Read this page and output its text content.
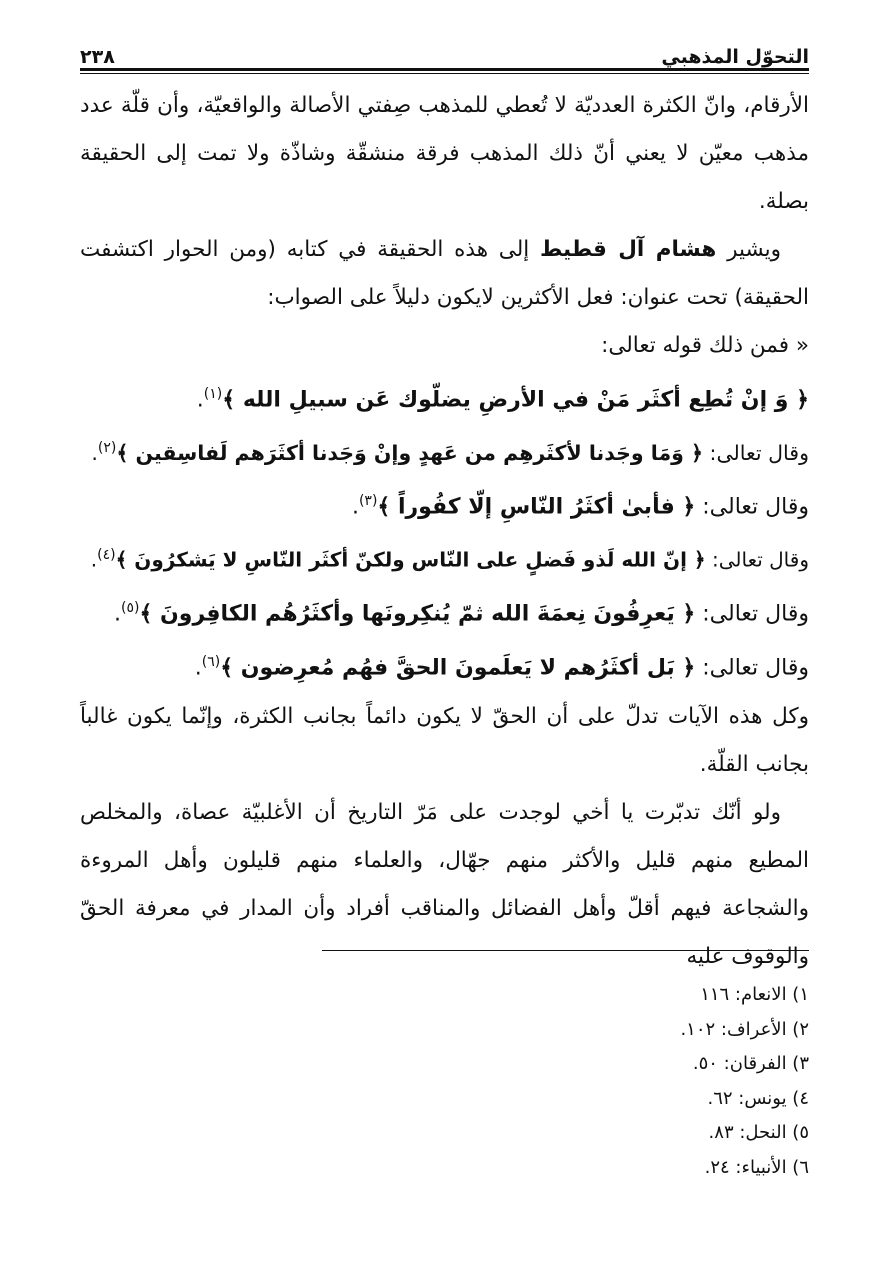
التحوّل المذهبي
٢٣٨

الأرقام، وانّ الكثرة العدديّة لا تُعطي للمذهب صِفتي الأصالة والواقعيّة، وأن قلّة عدد مذهب معيّن لا يعني أنّ ذلك المذهب فرقة منشقّة وشاذّة ولا تمت إلى الحقيقة بصلة.

ويشير هشام آل قطيط إلى هذه الحقيقة في كتابه (ومن الحوار اكتشفت الحقيقة) تحت عنوان: فعل الأكثرين لايكون دليلاً على الصواب:

« فمن ذلك قوله تعالى:

﴿ وَ إنْ تُطِع أكثَر مَنْ في الأرضِ يضلّوك عَن سبيلِ الله ﴾$^{(١)}$.

وقال تعالى: ﴿ وَمَا وجَدنا لأكثَرهِم من عَهدٍ وإنْ وَجَدنا أكثَرَهم لَفاسِقين ﴾$^{(٢)}$.

وقال تعالى: ﴿ فأبىٰ أكثَرُ النّاسِ إلّا كفُوراً ﴾$^{(٣)}$.

وقال تعالى: ﴿ إنّ الله لَذو فَضلٍ على النّاس ولكنّ أكثَر النّاسِ لا يَشكرُونَ ﴾$^{(٤)}$.

وقال تعالى: ﴿ يَعرِفُونَ نِعمَةَ الله ثمّ يُنكِرونَها وأكثَرُهُم الكافِرونَ ﴾$^{(٥)}$.

وقال تعالى: ﴿ بَل أكثَرُهم لا يَعلَمونَ الحقَّ فهُم مُعرِضون ﴾$^{(٦)}$.

وكل هذه الآيات تدلّ على أن الحقّ لا يكون دائماً بجانب الكثرة، وإنّما يكون غالباً بجانب القلّة.

ولو أنّك تدبّرت يا أخي لوجدت على مَرّ التاريخ أن الأغلبيّة عصاة، والمخلص المطيع منهم قليل والأكثر منهم جهّال، والعلماء منهم قليلون وأهل المروءة والشجاعة فيهم أقلّ وأهل الفضائل والمناقب أفراد وأن المدار في معرفة الحقّ والوقوف عليه

١) الانعام: ١١٦
٢) الأعراف: ١٠٢.
٣) الفرقان: ٥٠.
٤) يونس: ٦٢.
٥) النحل: ٨٣.
٦) الأنبياء: ٢٤.
